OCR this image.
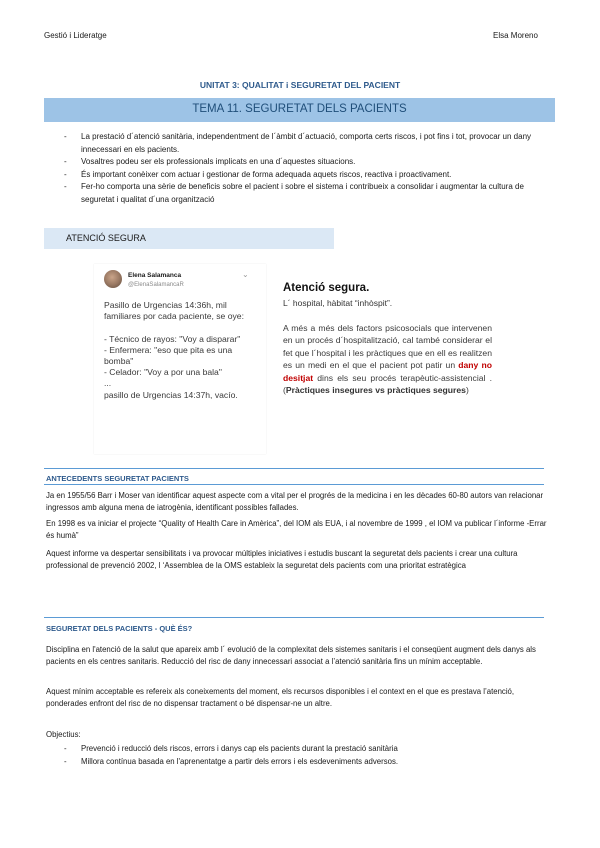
Gestió i Lideratge	Elsa Moreno
UNITAT 3: QUALITAT i SEGURETAT DEL PACIENT
TEMA 11. SEGURETAT DELS PACIENTS
- La prestació d´atenció sanitària, independentment de l´àmbit d´actuació, comporta certs riscos, i pot fins i tot, provocar un dany innecessari en els pacients.
- Vosaltres podeu ser els professionals implicats en una d´aquestes situacions.
- És important conèixer com actuar i gestionar de forma adequada aquets riscos, reactiva i proactivament.
- Fer-ho comporta una sèrie de beneficis sobre el pacient i sobre el sistema i contribueix a consolidar i augmentar la cultura de seguretat i qualitat d´una organització
ATENCIÓ SEGURA
Elena Salamanca
@ElenaSalamancaR
⌄
Pasillo de Urgencias 14:36h, mil familiares por cada paciente, se oye:

- Técnico de rayos: "Voy a disparar"
- Enfermera: "eso que pita es una bomba"
- Celador: "Voy a por una bala"
...
pasillo de Urgencias 14:37h, vacío.
Atenció segura.
L´ hospital, hàbitat “inhòspit”.
A més a més dels factors psicosocials que intervenen en un procés d´hospitalització, cal també considerar el fet que l´hospital i les pràctiques que en ell es realitzen es un medi en el que el pacient pot patir un dany no desitjat dins els seu procés terapèutic-assistencial .(Pràctiques insegures vs pràctiques segures)
ANTECEDENTS SEGURETAT PACIENTS
Ja en 1955/56 Barr i Moser van identificar aquest aspecte com a vital per el progrés de la medicina i en les dècades 60-80 autors van relacionar ingressos amb alguna mena de iatrogènia, identificant possibles fallades.
En 1998 es va iniciar el projecte “Quality of Health Care in Amèrica”, del IOM als EUA, i al novembre de 1999 , el IOM va publicar l´informe -Errar és humà”
Aquest informe va despertar sensibilitats i va provocar múltiples iniciatives i estudis buscant la seguretat dels pacients i crear una cultura professional de prevenció 2002, l ‘Assemblea de la OMS estableix la seguretat dels pacients com una prioritat estratègica
SEGURETAT DELS PACIENTS - QUÈ ÉS?
Disciplina en l'atenció de la salut que apareix amb l´ evolució de la complexitat dels sistemes sanitaris i el conseqüent augment dels danys als pacients en els centres sanitaris. Reducció del risc de dany innecessari associat a l’atenció sanitària fins un mínim acceptable.
Aquest mínim acceptable es refereix als coneixements del moment, els recursos disponibles i el context en el que es prestava l’atenció, ponderades enfront del risc de no dispensar tractament o bé dispensar-ne un altre.
Objectius:
- Prevenció i reducció dels riscos, errors i danys cap els pacients durant la prestació sanitària
- Millora contínua basada en l'aprenentatge a partir dels errors i els esdeveniments adversos.
